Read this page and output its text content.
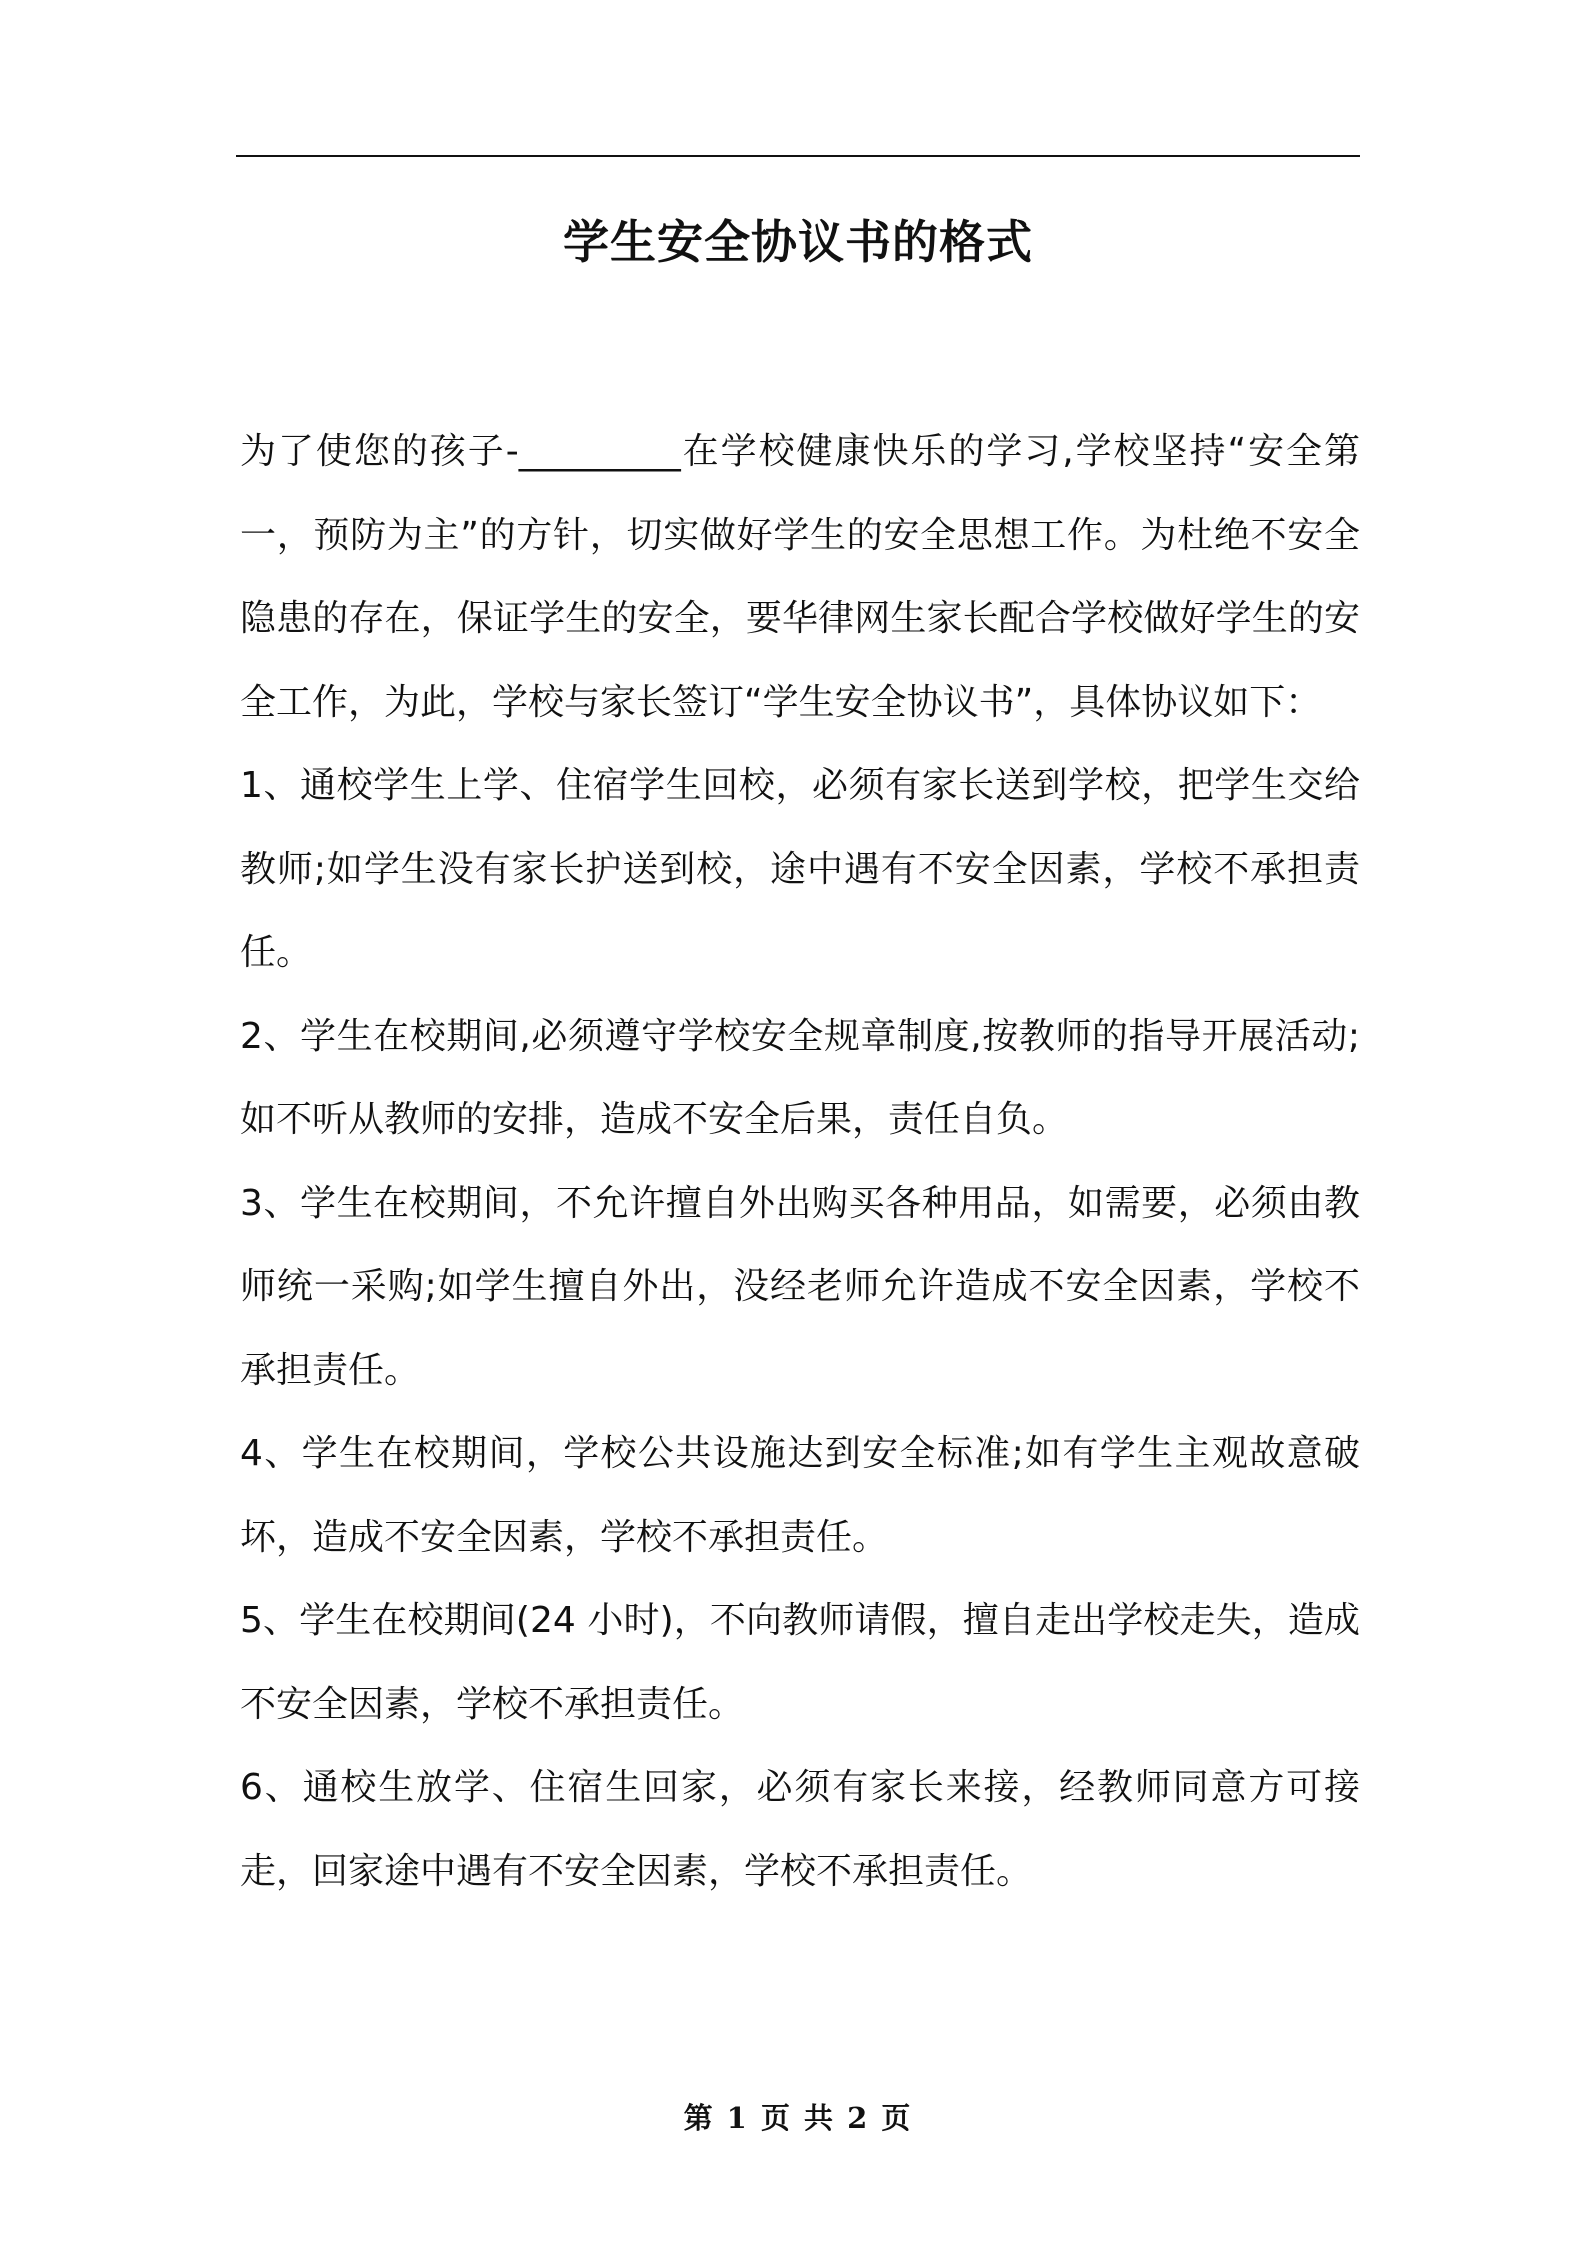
学生安全协议书的格式

为了使您的孩子-_________在学校健康快乐的学习,学校坚持“安全第一，预防为主”的方针，切实做好学生的安全思想工作。为杜绝不安全隐患的存在，保证学生的安全，要华律网生家长配合学校做好学生的安全工作，为此，学校与家长签订“学生安全协议书”，具体协议如下：

1、通校学生上学、住宿学生回校，必须有家长送到学校，把学生交给教师;如学生没有家长护送到校，途中遇有不安全因素，学校不承担责任。

2、学生在校期间,必须遵守学校安全规章制度,按教师的指导开展活动;如不听从教师的安排，造成不安全后果，责任自负。

3、学生在校期间，不允许擅自外出购买各种用品，如需要，必须由教师统一采购;如学生擅自外出，没经老师允许造成不安全因素，学校不承担责任。

4、学生在校期间，学校公共设施达到安全标准;如有学生主观故意破坏，造成不安全因素，学校不承担责任。

5、学生在校期间(24 小时)，不向教师请假，擅自走出学校走失，造成不安全因素，学校不承担责任。

6、通校生放学、住宿生回家，必须有家长来接，经教师同意方可接走，回家途中遇有不安全因素，学校不承担责任。

第 1 页 共 2 页
